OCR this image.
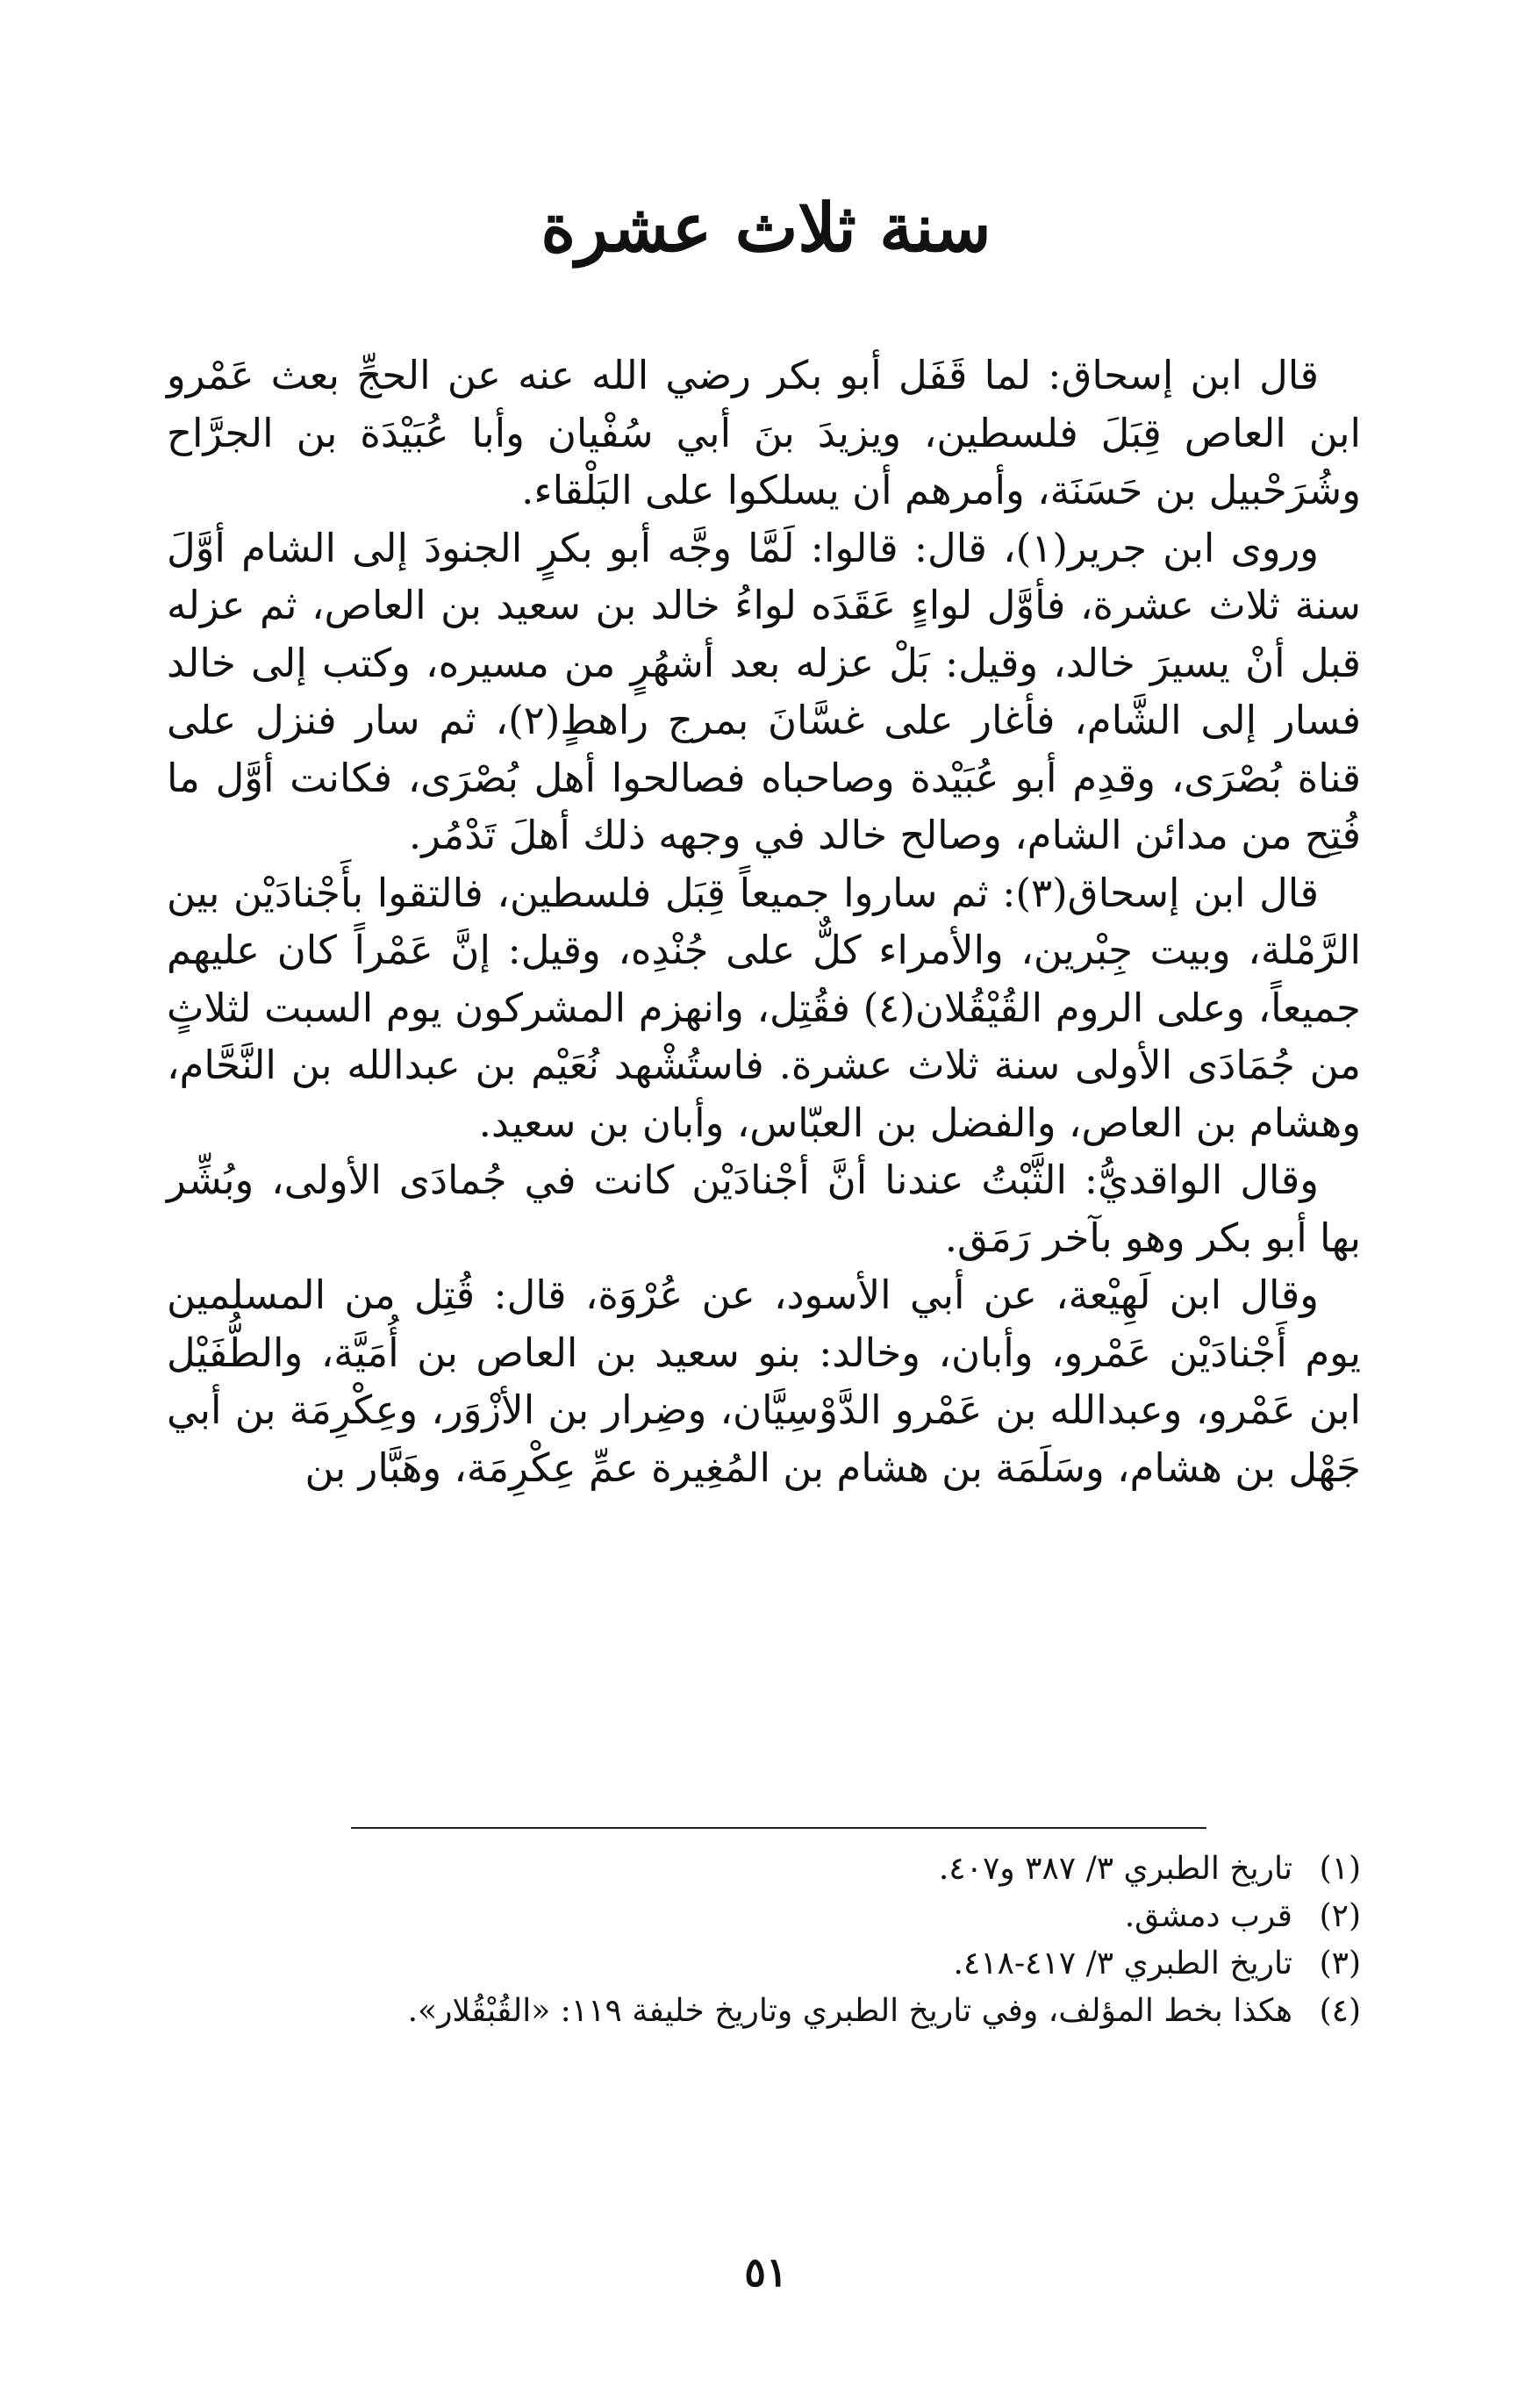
سنة ثلاث عشرة

قال ابن إسحاق: لما قَفَل أبو بكر رضي الله عنه عن الحجِّ بعث عَمْرو ابن العاص قِبَلَ فلسطين، ويزيدَ بنَ أبي سُفْيان وأبا عُبَيْدَة بن الجرَّاح وشُرَحْبيل بن حَسَنَة، وأمرهم أن يسلكوا على البَلْقاء.

وروى ابن جرير(١)، قال: قالوا: لَمَّا وجَّه أبو بكرٍ الجنودَ إلى الشام أوَّلَ سنة ثلاث عشرة، فأوَّل لواءٍ عَقَدَه لواءُ خالد بن سعيد بن العاص، ثم عزله قبل أنْ يسيرَ خالد، وقيل: بَلْ عزله بعد أشهُرٍ من مسيره، وكتب إلى خالد فسار إلى الشَّام، فأغار على غسَّانَ بمرج راهطٍ(٢)، ثم سار فنزل على قناة بُصْرَى، وقدِم أبو عُبَيْدة وصاحباه فصالحوا أهل بُصْرَى، فكانت أوَّل ما فُتِح من مدائن الشام، وصالح خالد في وجهه ذلك أهلَ تَدْمُر.

قال ابن إسحاق(٣): ثم ساروا جميعاً قِبَل فلسطين، فالتقوا بأَجْنادَيْن بين الرَّمْلة، وبيت جِبْرين، والأمراء كلٌّ على جُنْدِه، وقيل: إنَّ عَمْراً كان عليهم جميعاً، وعلى الروم القُيْقُلان(٤) فقُتِل، وانهزم المشركون يوم السبت لثلاثٍ من جُمَادَى الأولى سنة ثلاث عشرة. فاستُشْهد نُعَيْم بن عبدالله بن النَّحَّام، وهشام بن العاص، والفضل بن العبّاس، وأبان بن سعيد.

وقال الواقديُّ: الثَّبْتُ عندنا أنَّ أجْنادَيْن كانت في جُمادَى الأولى، وبُشِّر بها أبو بكر وهو بآخر رَمَق.

وقال ابن لَهِيْعة، عن أبي الأسود، عن عُرْوَة، قال: قُتِل من المسلمين يوم أَجْنادَيْن عَمْرو، وأبان، وخالد: بنو سعيد بن العاص بن أُمَيَّة، والطُّفَيْل ابن عَمْرو، وعبدالله بن عَمْرو الدَّوْسِيَّان، وضِرار بن الأزْوَر، وعِكْرِمَة بن أبي جَهْل بن هشام، وسَلَمَة بن هشام بن المُغِيرة عمِّ عِكْرِمَة، وهَبَّار بن

(١)
تاريخ الطبري ٣/ ٣٨٧ و٤٠٧.
(٢)
قرب دمشق.
(٣)
تاريخ الطبري ٣/ ٤١٧-٤١٨.
(٤)
هكذا بخط المؤلف، وفي تاريخ الطبري وتاريخ خليفة ١١٩: «القُبْقُلار».
٥١
